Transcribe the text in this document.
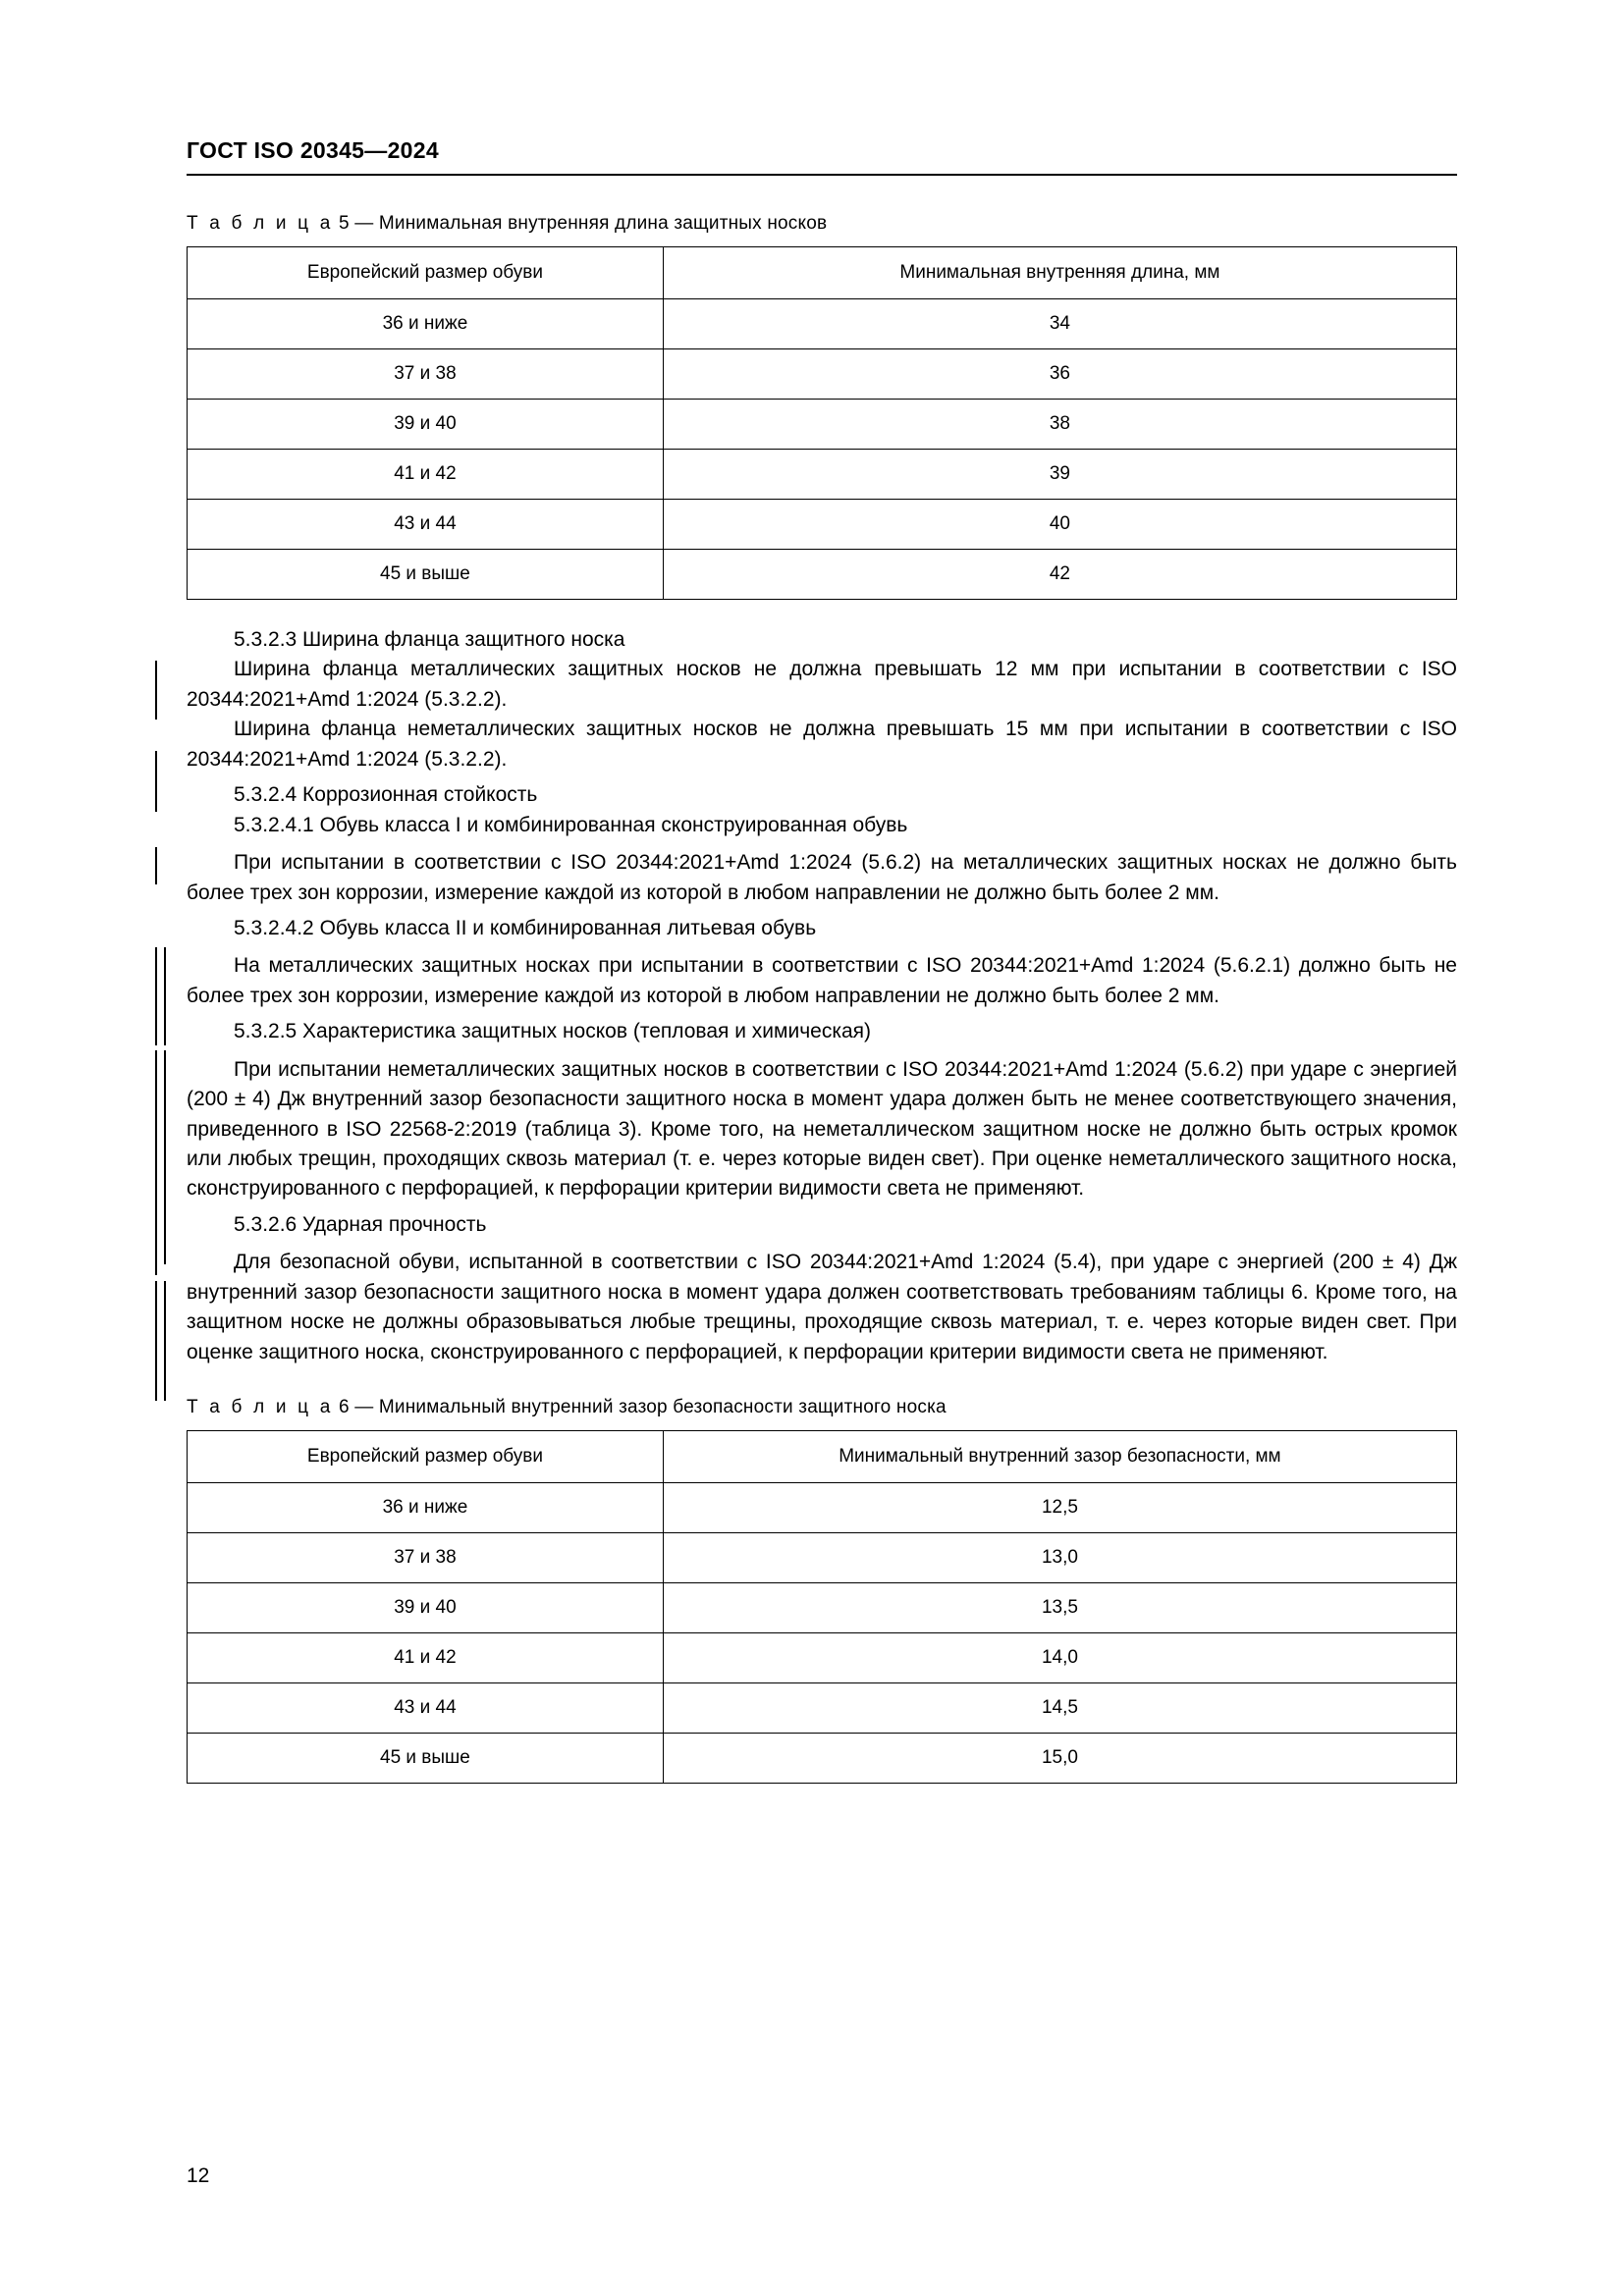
ГОСТ ISO 20345—2024
Т а б л и ц а 5 — Минимальная внутренняя длина защитных носков
Европейский размер обуви	Минимальная внутренняя длина, мм
36 и ниже	34
37 и 38	36
39 и 40	38
41 и 42	39
43 и 44	40
45 и выше	42
5.3.2.3 Ширина фланца защитного носка

Ширина фланца металлических защитных носков не должна превышать 12 мм при испытании в соответствии с ISO 20344:2021+Amd 1:2024 (5.3.2.2).

Ширина фланца неметаллических защитных носков не должна превышать 15 мм при испытании в соответствии с ISO 20344:2021+Amd 1:2024 (5.3.2.2).

5.3.2.4 Коррозионная стойкость
5.3.2.4.1 Обувь класса I и комбинированная сконструированная обувь

При испытании в соответствии с ISO 20344:2021+Amd 1:2024 (5.6.2) на металлических защитных носках не должно быть более трех зон коррозии, измерение каждой из которой в любом направлении не должно быть более 2 мм.

5.3.2.4.2 Обувь класса II и комбинированная литьевая обувь

На металлических защитных носках при испытании в соответствии с ISO 20344:2021+Amd 1:2024 (5.6.2.1) должно быть не более трех зон коррозии, измерение каждой из которой в любом направлении не должно быть более 2 мм.

5.3.2.5 Характеристика защитных носков (тепловая и химическая)

При испытании неметаллических защитных носков в соответствии с ISO 20344:2021+Amd 1:2024 (5.6.2) при ударе с энергией (200 ± 4) Дж внутренний зазор безопасности защитного носка в момент удара должен быть не менее соответствующего значения, приведенного в ISO 22568-2:2019 (таблица 3). Кроме того, на неметаллическом защитном носке не должно быть острых кромок или любых трещин, проходящих сквозь материал (т. е. через которые виден свет). При оценке неметаллического защитного носка, сконструированного с перфорацией, к перфорации критерии видимости света не применяют.

5.3.2.6 Ударная прочность

Для безопасной обуви, испытанной в соответствии с ISO 20344:2021+Amd 1:2024 (5.4), при ударе с энергией (200 ± 4) Дж внутренний зазор безопасности защитного носка в момент удара должен соответствовать требованиям таблицы 6. Кроме того, на защитном носке не должны образовываться любые трещины, проходящие сквозь материал, т. е. через которые виден свет. При оценке защитного носка, сконструированного с перфорацией, к перфорации критерии видимости света не применяют.

Т а б л и ц а 6 — Минимальный внутренний зазор безопасности защитного носка
Европейский размер обуви	Минимальный внутренний зазор безопасности, мм
36 и ниже	12,5
37 и 38	13,0
39 и 40	13,5
41 и 42	14,0
43 и 44	14,5
45 и выше	15,0
12
